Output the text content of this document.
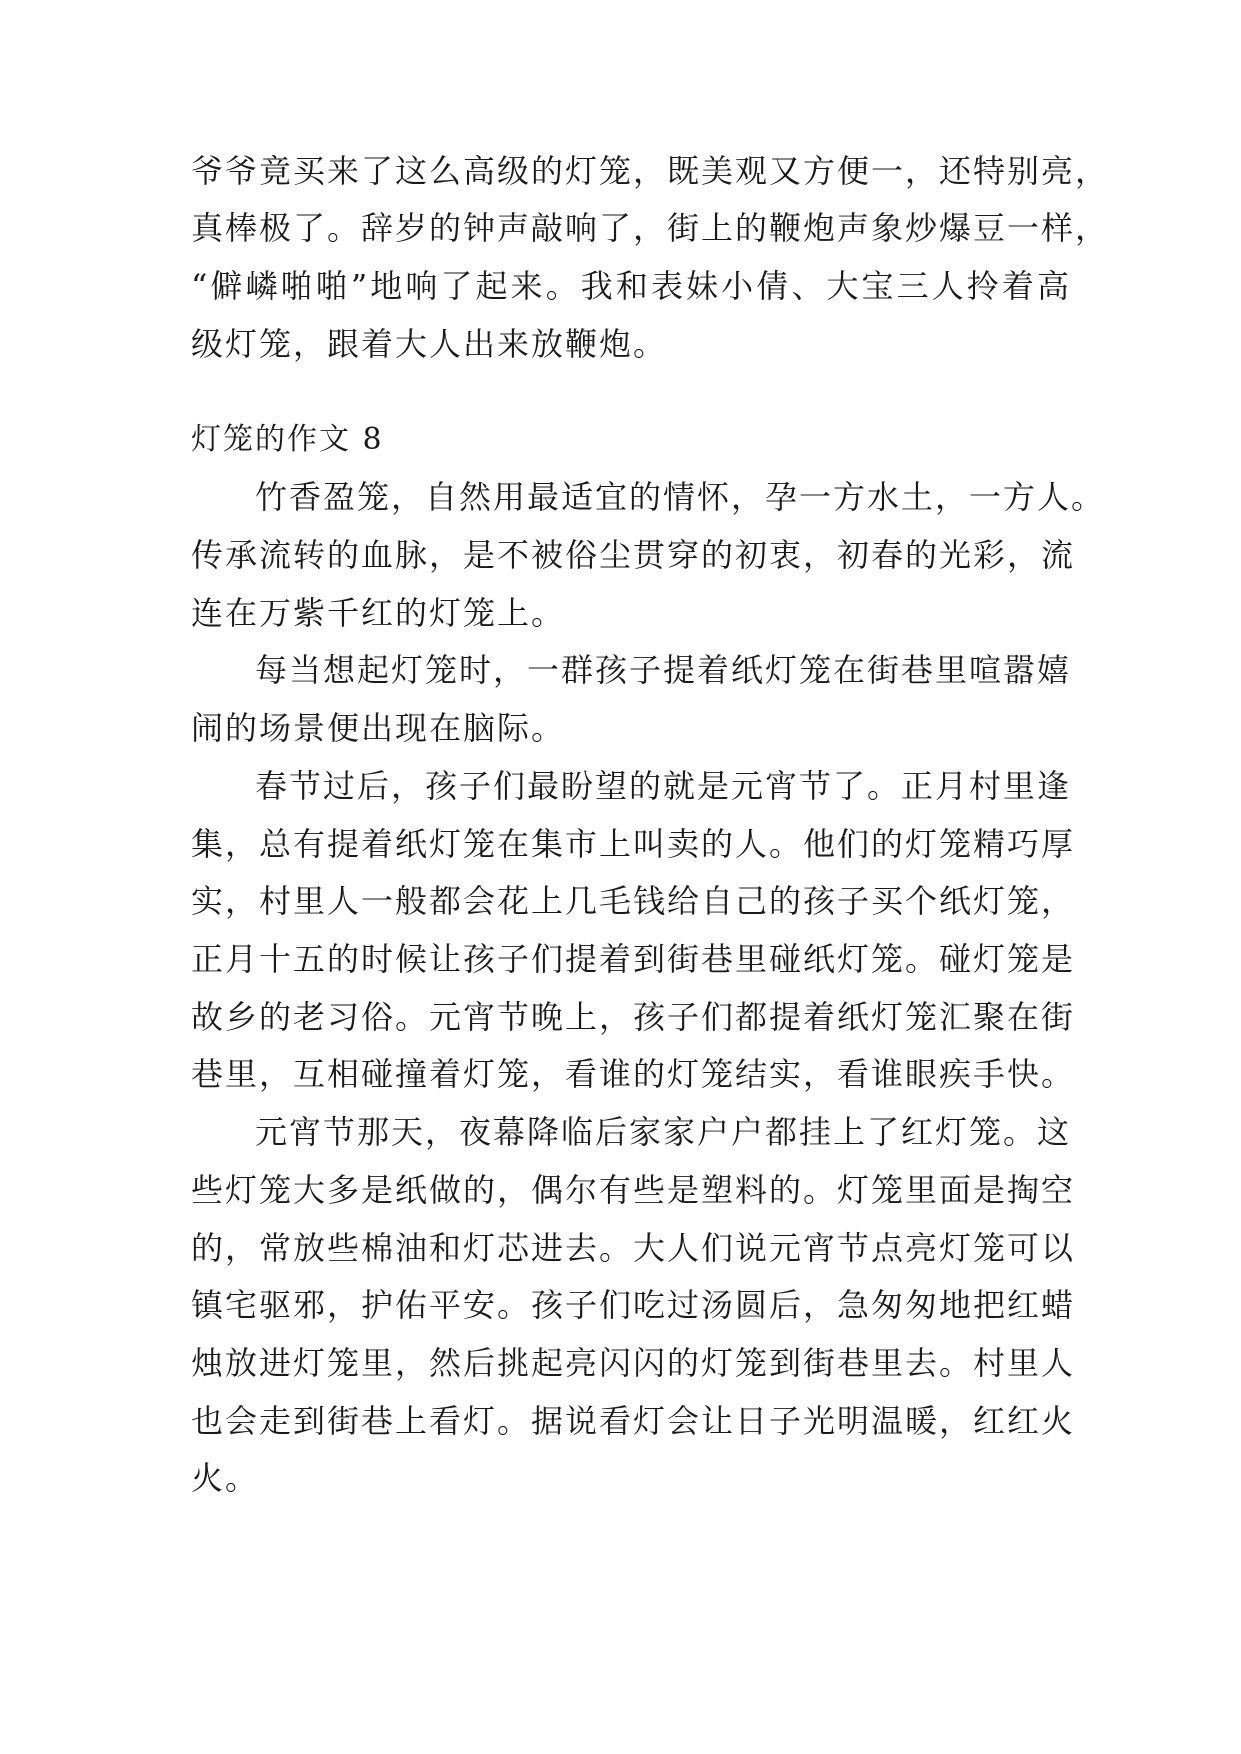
爷爷竟买来了这么高级的灯笼，既美观又方便一，还特别亮，
真棒极了。辞岁的钟声敲响了，街上的鞭炮声象炒爆豆一样，
“僻嶙啪啪”地响了起来。我和表妹小倩、大宝三人拎着高
级灯笼，跟着大人出来放鞭炮。
灯笼的作文 8
竹香盈笼，自然用最适宜的情怀，孕一方水土，一方人。
传承流转的血脉，是不被俗尘贯穿的初衷，初春的光彩，流
连在万紫千红的灯笼上。
每当想起灯笼时，一群孩子提着纸灯笼在街巷里喧嚣嬉
闹的场景便出现在脑际。
春节过后，孩子们最盼望的就是元宵节了。正月村里逢
集，总有提着纸灯笼在集市上叫卖的人。他们的灯笼精巧厚
实，村里人一般都会花上几毛钱给自己的孩子买个纸灯笼，
正月十五的时候让孩子们提着到街巷里碰纸灯笼。碰灯笼是
故乡的老习俗。元宵节晚上，孩子们都提着纸灯笼汇聚在街
巷里，互相碰撞着灯笼，看谁的灯笼结实，看谁眼疾手快。
元宵节那天，夜幕降临后家家户户都挂上了红灯笼。这
些灯笼大多是纸做的，偶尔有些是塑料的。灯笼里面是掏空
的，常放些棉油和灯芯进去。大人们说元宵节点亮灯笼可以
镇宅驱邪，护佑平安。孩子们吃过汤圆后，急匆匆地把红蜡
烛放进灯笼里，然后挑起亮闪闪的灯笼到街巷里去。村里人
也会走到街巷上看灯。据说看灯会让日子光明温暖，红红火
火。
